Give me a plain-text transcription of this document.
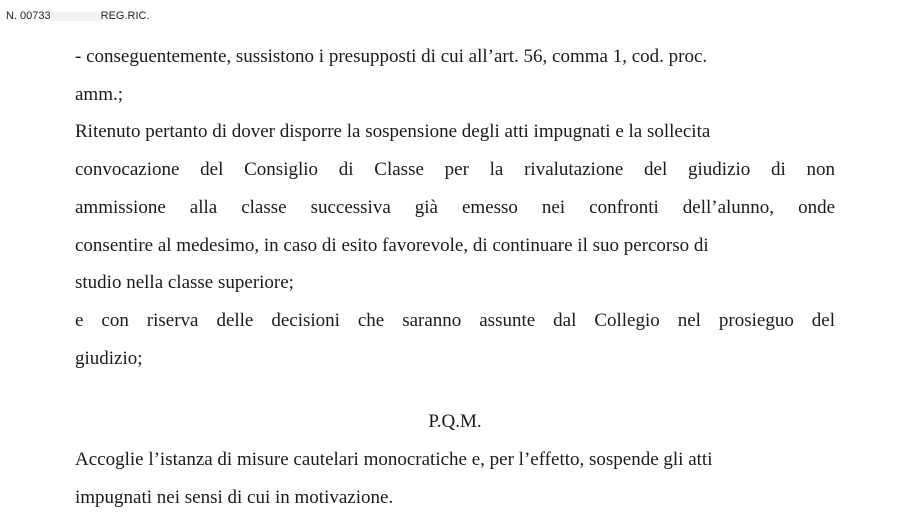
N. 00733	REG.RIC.
- conseguentemente, sussistono i presupposti di cui all’art. 56, comma 1, cod. proc.
amm.;
Ritenuto pertanto di dover disporre la sospensione degli atti impugnati e la sollecita
convocazione del Consiglio di Classe per la rivalutazione del giudizio di non
ammissione alla classe successiva già emesso nei confronti dell’alunno, onde
consentire al medesimo, in caso di esito favorevole, di continuare il suo percorso di
studio nella classe superiore;
e con riserva delle decisioni che saranno assunte dal Collegio nel prosieguo del
giudizio;
P.Q.M.
Accoglie l’istanza di misure cautelari monocratiche e, per l’effetto, sospende gli atti
impugnati nei sensi di cui in motivazione.
